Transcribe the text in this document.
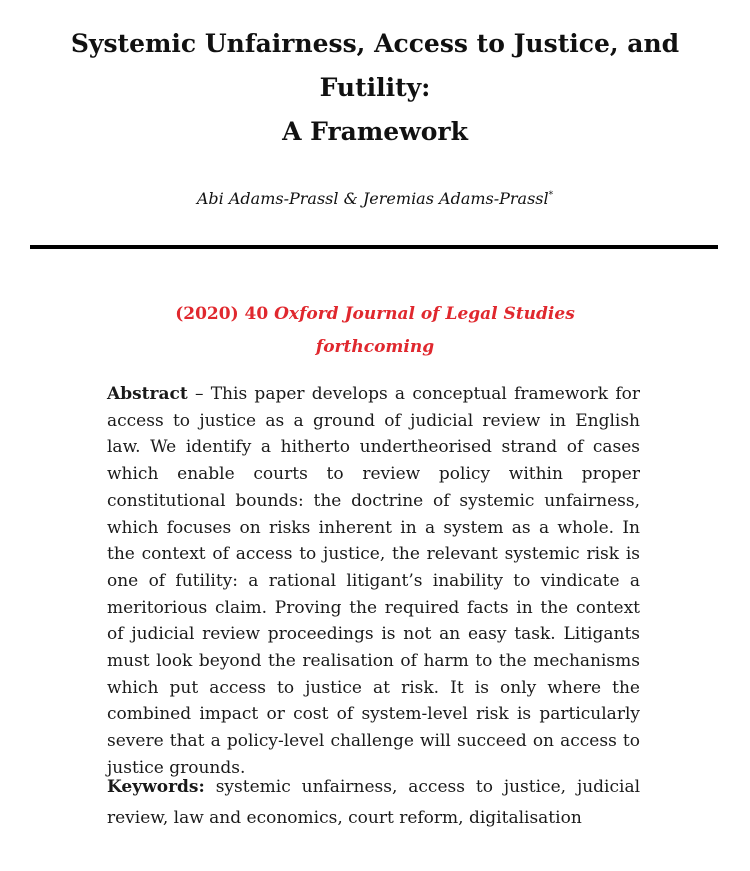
Systemic Unfairness, Access to Justice, and
Futility:
A Framework
Abi Adams-Prassl & Jeremias Adams-Prassl*
(2020) 40 Oxford Journal of Legal Studies
forthcoming

Abstract – This paper develops a conceptual framework for access to justice as a ground of judicial review in English law. We identify a hitherto undertheorised strand of cases which enable courts to review policy within proper constitutional bounds: the doctrine of systemic unfairness, which focuses on risks inherent in a system as a whole. In the context of access to justice, the relevant systemic risk is one of futility: a rational litigant’s inability to vindicate a meritorious claim. Proving the required facts in the context of judicial review proceedings is not an easy task. Litigants must look beyond the realisation of harm to the mechanisms which put access to justice at risk. It is only where the combined impact or cost of system-level risk is particularly severe that a policy-level challenge will succeed on access to justice grounds.

Keywords: systemic unfairness, access to justice, judicial review, law and economics, court reform, digitalisation
